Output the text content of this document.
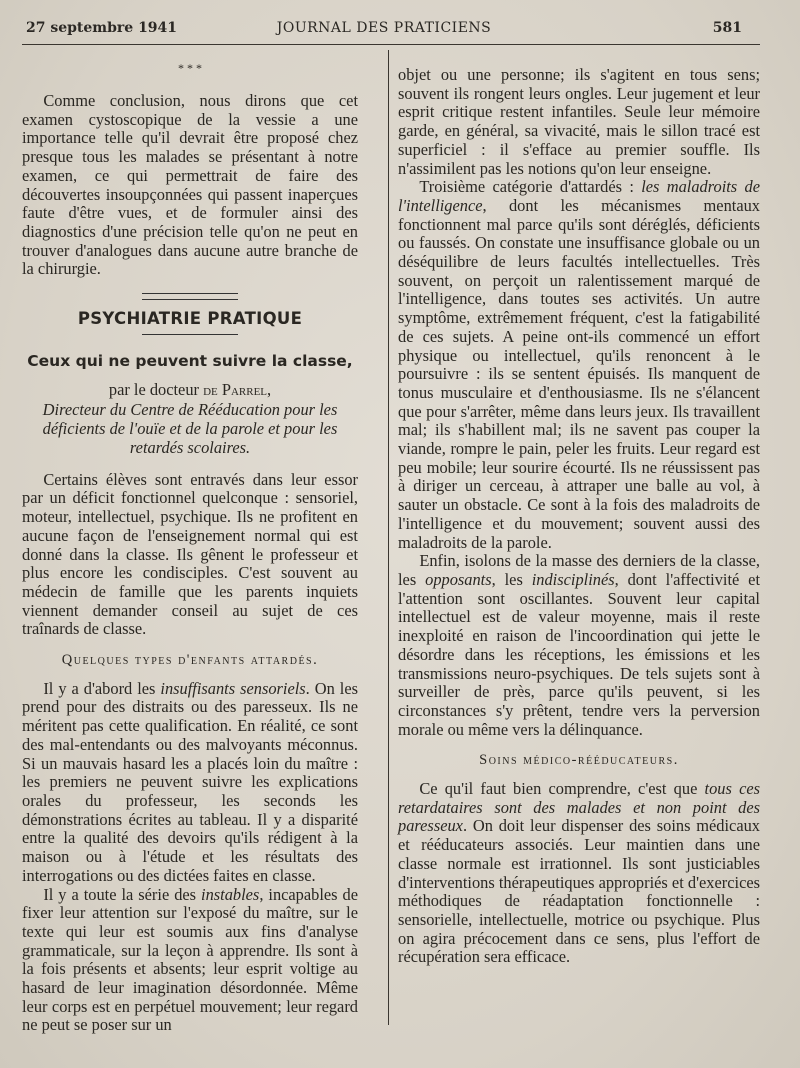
27 septembre 1941	JOURNAL DES PRATICIENS	581
* * *

Comme conclusion, nous dirons que cet examen cystoscopique de la vessie a une importance telle qu'il devrait être proposé chez presque tous les malades se présentant à notre examen, ce qui permettrait de faire des découvertes insoupçonnées qui passent inaperçues faute d'être vues, et de formuler ainsi des diagnostics d'une précision telle qu'on ne peut en trouver d'analogues dans aucune autre branche de la chirurgie.

PSYCHIATRIE PRATIQUE
Ceux qui ne peuvent suivre la classe,
par le docteur de Parrel,
Directeur du Centre de Rééducation pour les déficients de l'ouïe et de la parole et pour les retardés scolaires.

Certains élèves sont entravés dans leur essor par un déficit fonctionnel quelconque : sensoriel, moteur, intellectuel, psychique. Ils ne profitent en aucune façon de l'enseignement normal qui est donné dans la classe. Ils gênent le professeur et plus encore les condisciples. C'est souvent au médecin de famille que les parents inquiets viennent demander conseil au sujet de ces traînards de classe.

Quelques types d'enfants attardés.

Il y a d'abord les insuffisants sensoriels. On les prend pour des distraits ou des paresseux. Ils ne méritent pas cette qualification. En réalité, ce sont des mal-entendants ou des malvoyants méconnus. Si un mauvais hasard les a placés loin du maître : les premiers ne peuvent suivre les explications orales du professeur, les seconds les démonstrations écrites au tableau. Il y a disparité entre la qualité des devoirs qu'ils rédigent à la maison ou à l'étude et les résultats des interrogations ou des dictées faites en classe.

Il y a toute la série des instables, incapables de fixer leur attention sur l'exposé du maître, sur le texte qui leur est soumis aux fins d'analyse grammaticale, sur la leçon à apprendre. Ils sont à la fois présents et absents; leur esprit voltige au hasard de leur imagination désordonnée. Même leur corps est en perpétuel mouvement; leur regard ne peut se poser sur un

objet ou une personne; ils s'agitent en tous sens; souvent ils rongent leurs ongles. Leur jugement et leur esprit critique restent infantiles. Seule leur mémoire garde, en général, sa vivacité, mais le sillon tracé est superficiel : il s'efface au premier souffle. Ils n'assimilent pas les notions qu'on leur enseigne.

Troisième catégorie d'attardés : les maladroits de l'intelligence, dont les mécanismes mentaux fonctionnent mal parce qu'ils sont déréglés, déficients ou faussés. On constate une insuffisance globale ou un déséquilibre de leurs facultés intellectuelles. Très souvent, on perçoit un ralentissement marqué de l'intelligence, dans toutes ses activités. Un autre symptôme, extrêmement fréquent, c'est la fatigabilité de ces sujets. A peine ont-ils commencé un effort physique ou intellectuel, qu'ils renoncent à le poursuivre : ils se sentent épuisés. Ils manquent de tonus musculaire et d'enthousiasme. Ils ne s'élancent que pour s'arrêter, même dans leurs jeux. Ils travaillent mal; ils s'habillent mal; ils ne savent pas couper la viande, rompre le pain, peler les fruits. Leur regard est peu mobile; leur sourire écourté. Ils ne réussissent pas à diriger un cerceau, à attraper une balle au vol, à sauter un obstacle. Ce sont à la fois des maladroits de l'intelligence et du mouvement; souvent aussi des maladroits de la parole.

Enfin, isolons de la masse des derniers de la classe, les opposants, les indisciplinés, dont l'affectivité et l'attention sont oscillantes. Souvent leur capital intellectuel est de valeur moyenne, mais il reste inexploité en raison de l'incoordination qui jette le désordre dans les réceptions, les émissions et les transmissions neuro-psychiques. De tels sujets sont à surveiller de près, parce qu'ils peuvent, si les circonstances s'y prêtent, tendre vers la perversion morale ou même vers la délinquance.

Soins médico-rééducateurs.

Ce qu'il faut bien comprendre, c'est que tous ces retardataires sont des malades et non point des paresseux. On doit leur dispenser des soins médicaux et rééducateurs associés. Leur maintien dans une classe normale est irrationnel. Ils sont justiciables d'interventions thérapeutiques appropriés et d'exercices méthodiques de réadaptation fonctionnelle : sensorielle, intellectuelle, motrice ou psychique. Plus on agira précocement dans ce sens, plus l'effort de récupération sera efficace.
